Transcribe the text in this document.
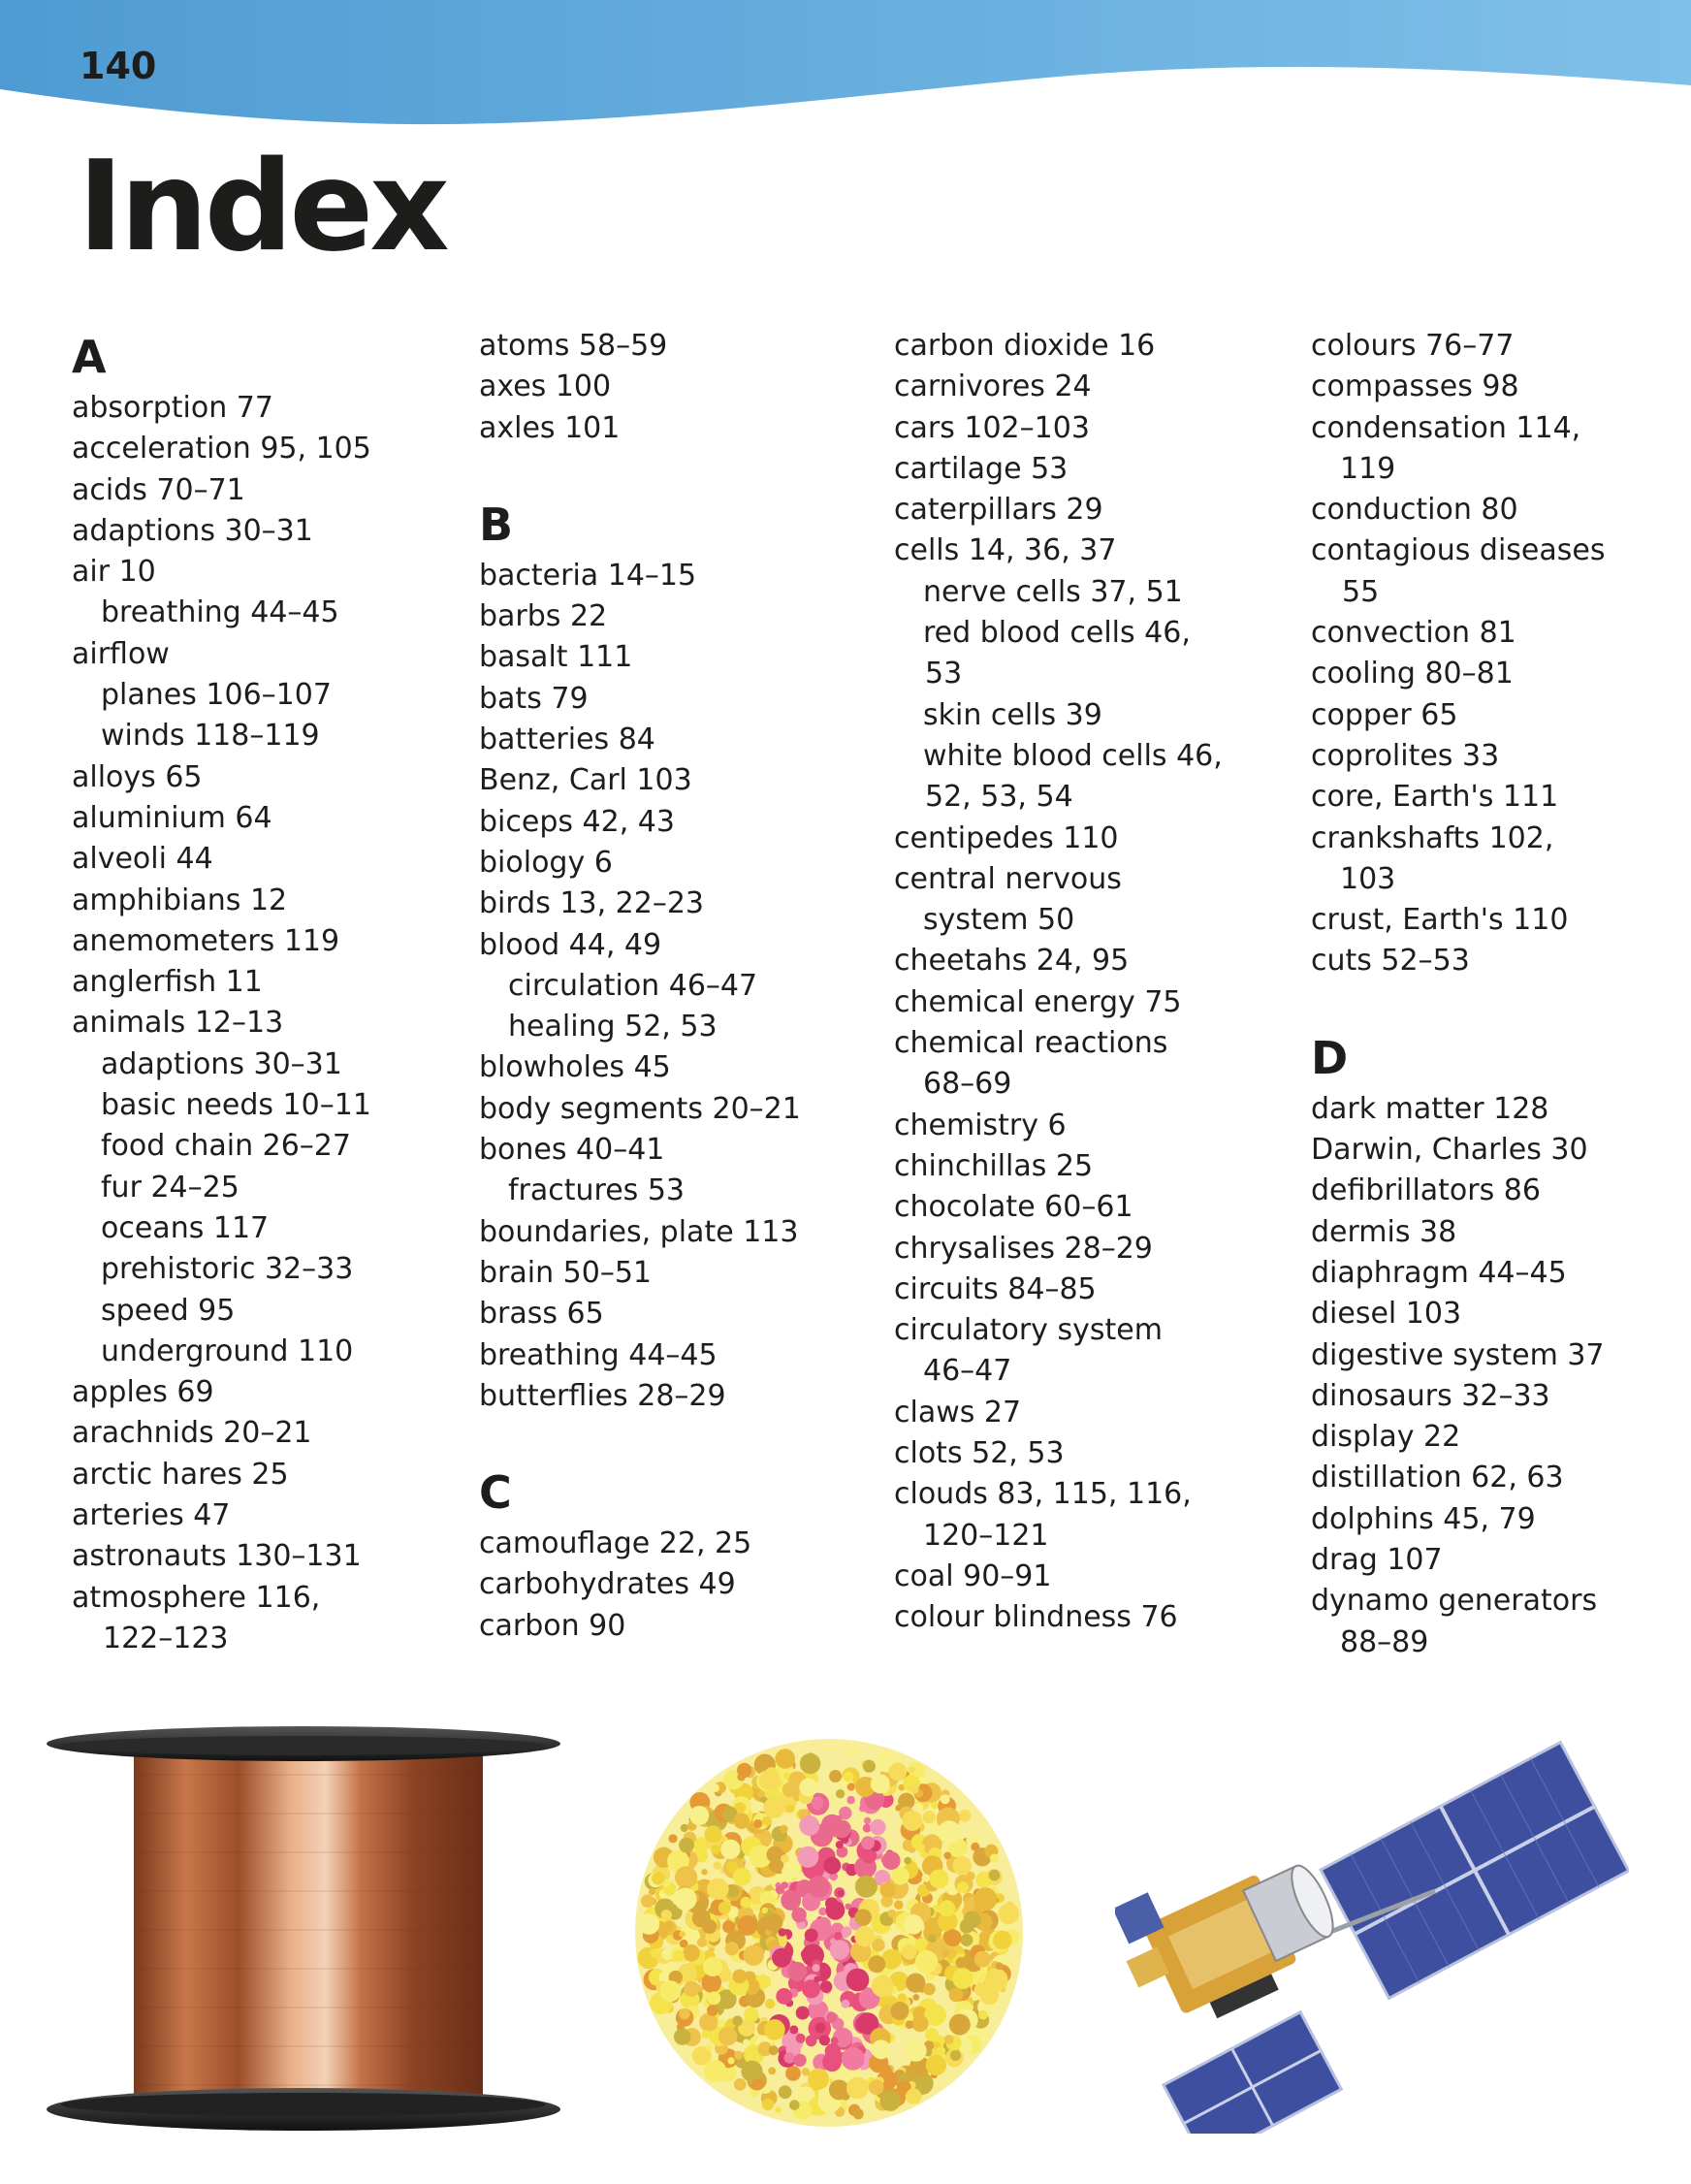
140
Index
A
absorption 77
acceleration 95, 105
acids 70–71
adaptions 30–31
air 10
breathing 44–45
airflow
planes 106–107
winds 118–119
alloys 65
aluminium 64
alveoli 44
amphibians 12
anemometers 119
anglerfish 11
animals 12–13
adaptions 30–31
basic needs 10–11
food chain 26–27
fur 24–25
oceans 117
prehistoric 32–33
speed 95
underground 110
apples 69
arachnids 20–21
arctic hares 25
arteries 47
astronauts 130–131
atmosphere 116,
122–123
atoms 58–59
axes 100
axles 101
B
bacteria 14–15
barbs 22
basalt 111
bats 79
batteries 84
Benz, Carl 103
biceps 42, 43
biology 6
birds 13, 22–23
blood 44, 49
circulation 46–47
healing 52, 53
blowholes 45
body segments 20–21
bones 40–41
fractures 53
boundaries, plate 113
brain 50–51
brass 65
breathing 44–45
butterflies 28–29
C
camouflage 22, 25
carbohydrates 49
carbon 90
carbon dioxide 16
carnivores 24
cars 102–103
cartilage 53
caterpillars 29
cells 14, 36, 37
nerve cells 37, 51
red blood cells 46,
53
skin cells 39
white blood cells 46,
52, 53, 54
centipedes 110
central nervous
system 50
cheetahs 24, 95
chemical energy 75
chemical reactions
68–69
chemistry 6
chinchillas 25
chocolate 60–61
chrysalises 28–29
circuits 84–85
circulatory system
46–47
claws 27
clots 52, 53
clouds 83, 115, 116,
120–121
coal 90–91
colour blindness 76
colours 76–77
compasses 98
condensation 114,
119
conduction 80
contagious diseases
55
convection 81
cooling 80–81
copper 65
coprolites 33
core, Earth's 111
crankshafts 102,
103
crust, Earth's 110
cuts 52–53
D
dark matter 128
Darwin, Charles 30
defibrillators 86
dermis 38
diaphragm 44–45
diesel 103
digestive system 37
dinosaurs 32–33
display 22
distillation 62, 63
dolphins 45, 79
drag 107
dynamo generators
88–89
